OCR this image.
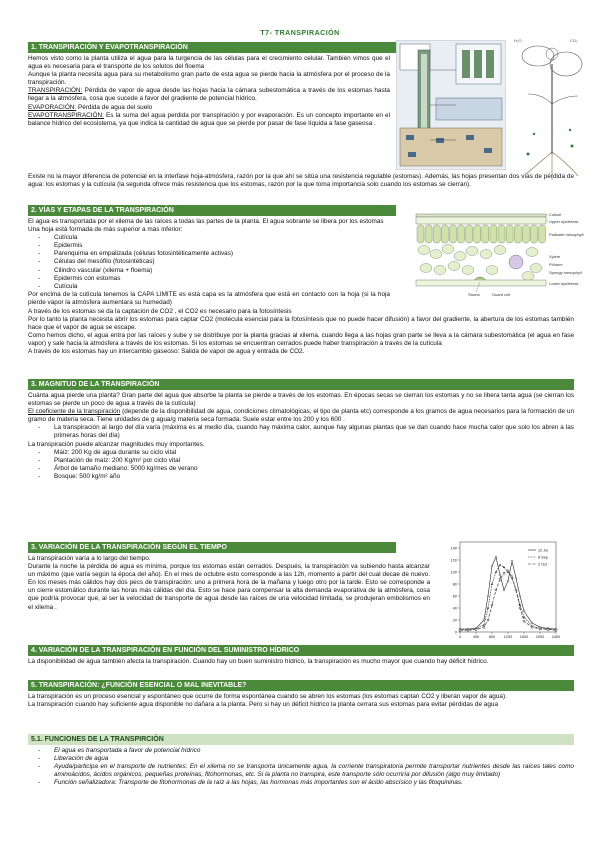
T7- TRANSPIRACIÓN
1. TRANSPIRACIÓN Y EVAPOTRANSPIRACIÓN

Hemos visto como la planta utiliza el agua para la turgencia de las células para el crecimiento celular. También vimos que el agua es necesaria para el transporte de los solutos del floema

Aunque la planta necesita agua para su metabolismo gran parte de esta agua se pierde hacia la atmósfera por el proceso de la transpiración.

TRANSPIRACIÓN: Pérdida de vapor de agua desde las hojas hacia la cámara subestomática a través de los estomas hasta llegar a la atmósfera, cosa que sucede a favor del gradiente de potencial hídrico.

EVAPORACIÓN: Pérdida de agua del suelo

EVAPOTRANSPIRACIÓN: Es la suma del agua perdida por transpiración y por evaporación. Es un concepto importante en el balance hídrico del ecosistema, ya que indica la cantidad de agua que se pierde por pasar de fase líquida a fase gaseosa .

Existe no la mayor diferencia de potencial en la interfase hoja-atmósfera, razón por la que ahí se sitúa una resistencia regulable (estomas). Además, las hojas presentan dos vías de pérdida de agua: los estomas y la cutícula (la segunda ofrece más resistencia que los estomas, razón por la que toma importancia solo cuando los estomas se cierran).

H₂O	CO₂
2. VÍAS Y ETAPAS DE LA TRANSPIRACIÓN

El agua es transportada por el xilema de las raíces a todas las partes de la planta. El agua sobrante se libera por los estomas

Una hoja está formada de más superior a más inferior:

- Cutícula
- Epidermis
- Parenquima en empalizada (células fotosintéticamente activas)
- Células del mesófilo (fotosintéticas)
- Cilindro vascular (xilema + floema)
- Epidermis con estomas
- Cutícula

Por encima de la cutícula tenemos la CAPA LIMITE es está capa es la atmósfera que está en contacto con la hoja (si la hoja pierde vapor la atmósfera aumentara su humedad)

A través de los estomas se da la captación de CO2 , el CO2 es necesario para la fotosíntesis

Por lo tanto la planta necesita abrir los estomas para captar CO2 (molécula esencial para la fotosíntesis que no puede hacer difusión) a favor del gradiente, la abertura de los estomas también hace que el vapor de agua se escape.

Como hemos dicho, el agua entra por las raíces y sube y se distribuye por la planta gracias al xilema, cuando llega a las hojas gran parte se lleva a la cámara subestomática (el agua en fase vapor) y sale hacia la atmósfera a través de los estomas. Si los estomas se encuentran cerrados puede haber transpiración a través de la cutícula

A través de los estomas hay un intercambio gaseoso: Salida de vapor de agua y entrada de CO2.

Cuticle
Upper epidermis
Palisade mesophyll
Xylem
Phloem
Spongy mesophyll
Lower epidermis
Stoma	Guard cell
3. MAGNITUD DE LA TRANSPIRACIÓN

Cuánta agua pierde una planta? Gran parte del agua que absorbe la planta se pierde a través de los estomas. En épocas secas se cierran los estomas y no se libera tanta agua (se cierran los estomas se pierde un poco de agua a través de la cutícula)

El coeficiente de la transpiración (depende de la disponibilidad de agua, condiciones climatológicas, el tipo de planta etc) corresponde a los gramos de agua necesarios para la formación de un gramo de materia seca. Tiene unidades de g agua/g materia seca formada. Suele estar entre los 200 y los 600 .

- La transpiración al largo del día varía (máxima es al medio día, cuando hay máxima calor, aunque hay algunas plantas que se dan cuando hace mucha calor que solo los abren a las primeras horas del día)

La transpiración puede alcanzar magnitudes muy importantes.

- Maíz: 200 Kg de agua durante su ciclo vital
- Plantación de maíz: 200 Kg/m² por ciclo vital
- Árbol de tamaño mediano: 5000 kg/mes de verano
- Bosque: 500 kg/m² año
3. VARIACIÓN DE LA TRANSPIRACIÓN SEGÚN EL TIEMPO

La transpiración varía a lo largo del tiempo.

Durante la noche la pérdida de agua es mínima, porque los estomas están cerrados. Después, la transpiración va subiendo hasta alcanzar un máximo (que varía según la época del año). En el mes de octubre esto corresponde a las 12h, momento a partir del cual decae de nuevo. En los meses más cálidos hay dos pecs de transpiración: uno a primera hora de la mañana y luego otro por la tarde. Esto se corresponde a un cierre estomático durante las horas más cálidas del día. Esto se hace para compensar la alta demanda evaporativa de la atmósfera, cosa que podría provocar que, al ser la velocidad de transporte de agua desde las raíces de una velocidad limitada, se produjeran embolismos en el xilema .

0
20
40
60
80
100
120
140
0	400	800 1200 1600 2000 2400
12 Jul
8 Sep
2 Oct
4. VARIACIÓN DE LA TRANSPIRACIÓN EN FUNCIÓN DEL SUMINISTRO HÍDRICO

La disponibilidad de agua también afecta la transpiración. Cuando hay un buen suministro hídrico, la transpiración es mucho mayor que cuando hay déficit hídrico.

5. TRANSPIRACIÓN: ¿FUNCIÓN ESENCIAL O MAL INEVITABLE?

La transpiración es un proceso esencial y espontáneo que ocurre de forma espontánea cuando se abren los estomas (los estomas captan CO2 y liberan vapor de agua).

La transpiración cuando hay suficiente agua disponible no dañara a la planta. Pero si hay un déficit hídrico la planta cerrara sus estomas para evitar pérdidas de agua

5.1. FUNCIONES DE LA TRANSPIRCIÓN
- El agua es transportada a favor de potencial hídrico
- Liberación de agua
- Ayuda/participa en el transporte de nutrientes: En el xilema no se transporta únicamente agua, la corriente transpiratoria permite transportar nutrientes desde las raíces tales como aminoácidos, ácidos orgánicos, pequeñas proteínas, fitohormonas, etc. Si la planta no transpira, este transporte sólo ocurriría por difusión (algo muy limitado)
- Función señalizadora: Transporte de fitohormonas de la raíz a las hojas, las hormonas más importantes son el ácido abscísico y las fitoquininas.
